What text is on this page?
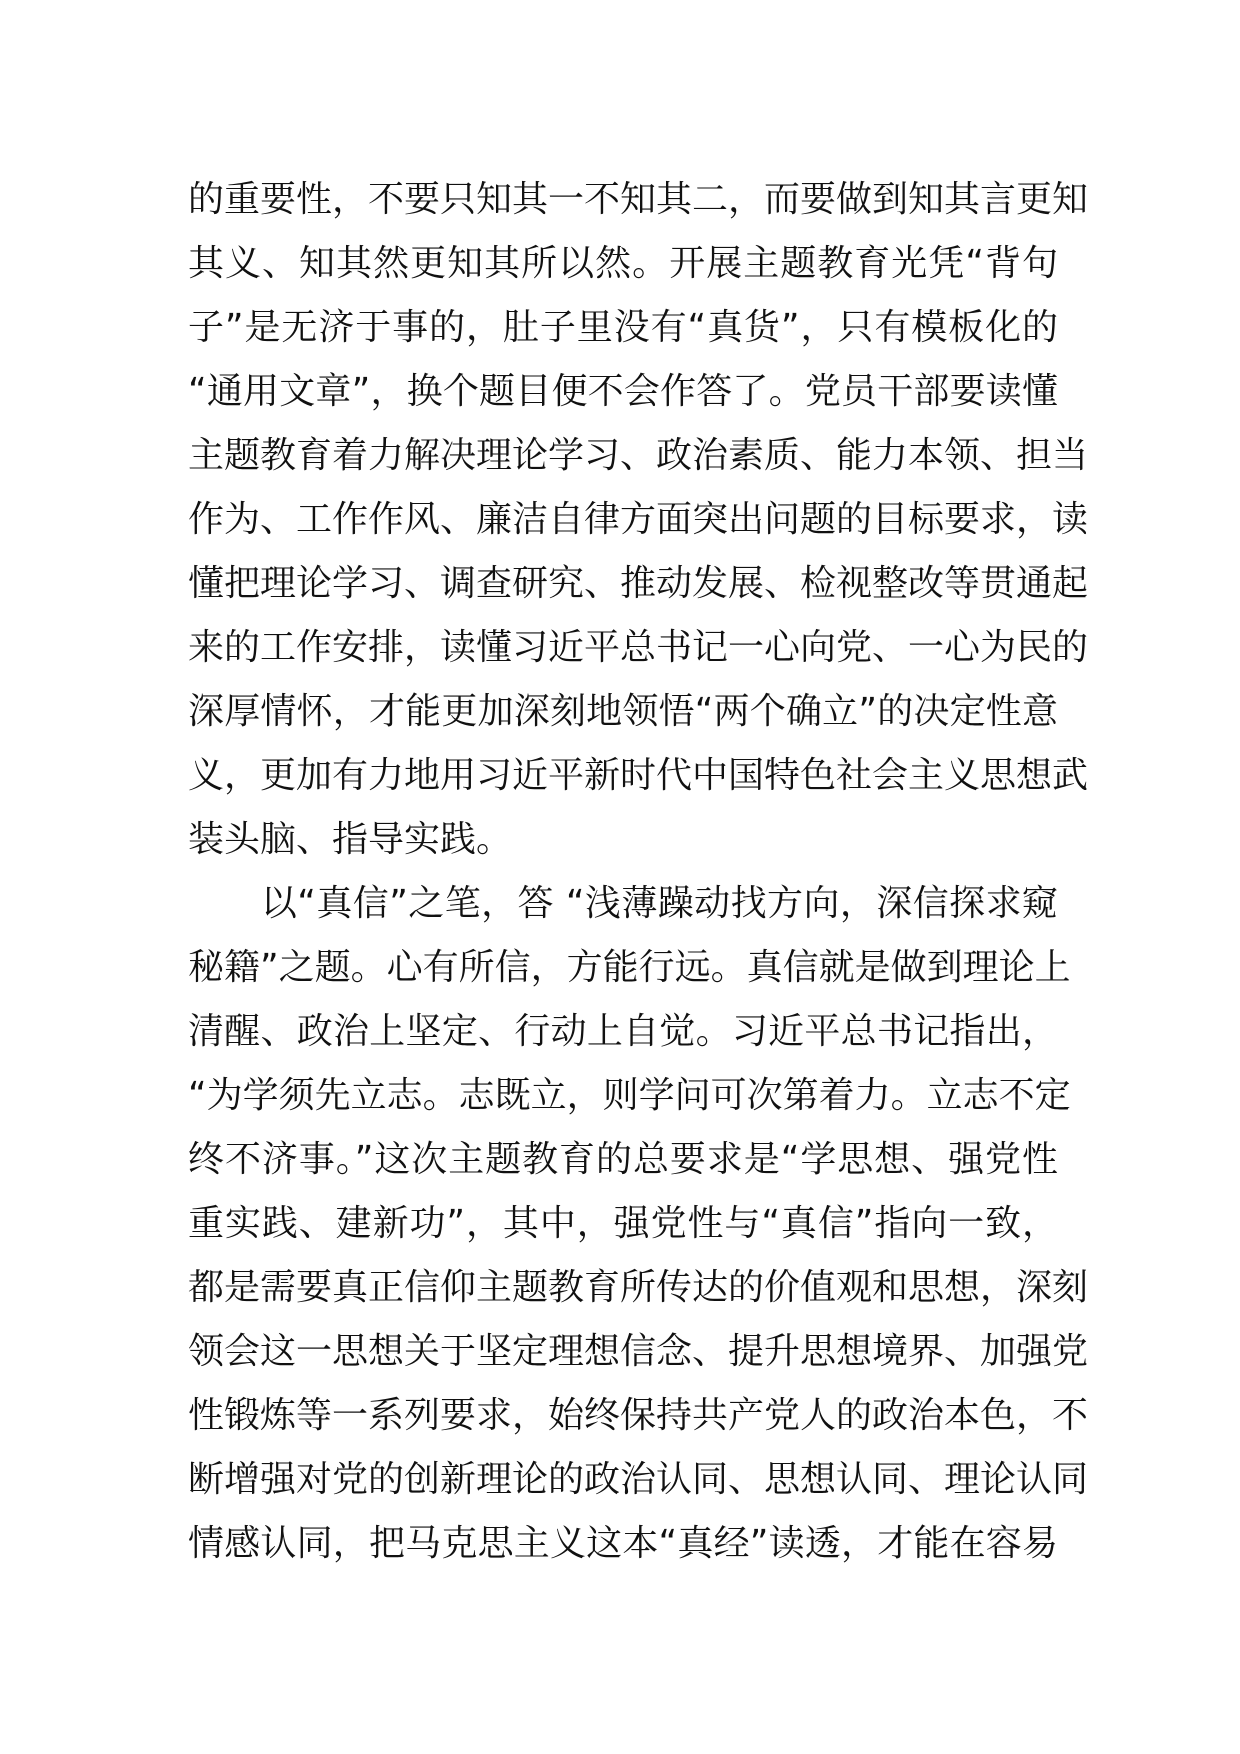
的重要性，不要只知其一不知其二，而要做到知其言更知
其义、知其然更知其所以然。开展主题教育光凭“背句
子”是无济于事的，肚子里没有“真货”，只有模板化的
“通用文章”，换个题目便不会作答了。党员干部要读懂
主题教育着力解决理论学习、政治素质、能力本领、担当
作为、工作作风、廉洁自律方面突出问题的目标要求，读
懂把理论学习、调查研究、推动发展、检视整改等贯通起
来的工作安排，读懂习近平总书记一心向党、一心为民的
深厚情怀，才能更加深刻地领悟“两个确立”的决定性意
义，更加有力地用习近平新时代中国特色社会主义思想武
装头脑、指导实践。
　　以“真信”之笔，答 “浅薄躁动找方向，深信探求窥
秘籍”之题。心有所信，方能行远。真信就是做到理论上
清醒、政治上坚定、行动上自觉。习近平总书记指出，
“为学须先立志。志既立，则学问可次第着力。立志不定
终不济事。”这次主题教育的总要求是“学思想、强党性
重实践、建新功”，其中，强党性与“真信”指向一致，
都是需要真正信仰主题教育所传达的价值观和思想，深刻
领会这一思想关于坚定理想信念、提升思想境界、加强党
性锻炼等一系列要求，始终保持共产党人的政治本色，不
断增强对党的创新理论的政治认同、思想认同、理论认同
情感认同，把马克思主义这本“真经”读透，才能在容易
